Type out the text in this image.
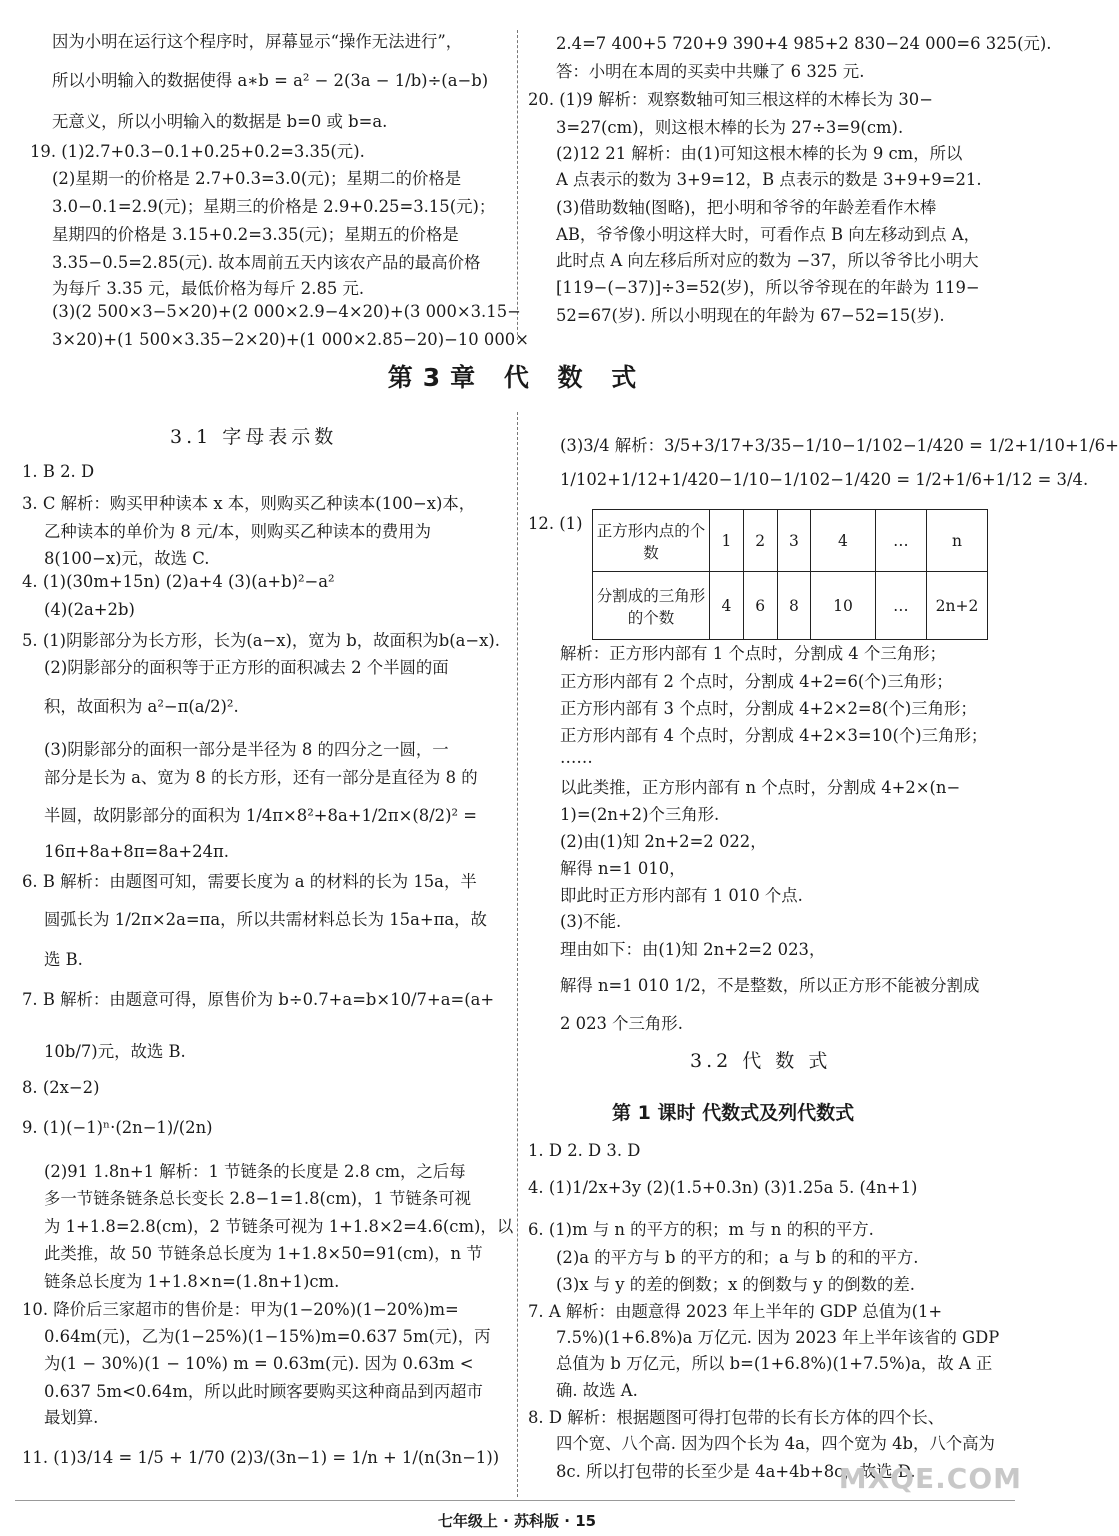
因为小明在运行这个程序时，屏幕显示“操作无法进行”，
所以小明输入的数据使得 a∗b = a² − 2(3a − 1/b)÷(a−b)
无意义，所以小明输入的数据是 b=0 或 b=a.
19. (1)2.7+0.3−0.1+0.25+0.2=3.35(元).
(2)星期一的价格是 2.7+0.3=3.0(元)；星期二的价格是
3.0−0.1=2.9(元)；星期三的价格是 2.9+0.25=3.15(元)；
星期四的价格是 3.15+0.2=3.35(元)；星期五的价格是
3.35−0.5=2.85(元). 故本周前五天内该农产品的最高价格
为每斤 3.35 元，最低价格为每斤 2.85 元.
(3)(2 500×3−5×20)+(2 000×2.9−4×20)+(3 000×3.15−
3×20)+(1 500×3.35−2×20)+(1 000×2.85−20)−10 000×
2.4=7 400+5 720+9 390+4 985+2 830−24 000=6 325(元).
答：小明在本周的买卖中共赚了 6 325 元.
20. (1)9 解析：观察数轴可知三根这样的木棒长为 30−
3=27(cm)，则这根木棒的长为 27÷3=9(cm).
(2)12 21 解析：由(1)可知这根木棒的长为 9 cm，所以
A 点表示的数为 3+9=12，B 点表示的数是 3+9+9=21.
(3)借助数轴(图略)，把小明和爷爷的年龄差看作木棒
AB，爷爷像小明这样大时，可看作点 B 向左移动到点 A，
此时点 A 向左移后所对应的数为 −37，所以爷爷比小明大
[119−(−37)]÷3=52(岁)，所以爷爷现在的年龄为 119−
52=67(岁). 所以小明现在的年龄为 67−52=15(岁).
第3章 代 数 式
3.1 字母表示数
1. B 2. D
3. C 解析：购买甲种读本 x 本，则购买乙种读本(100−x)本，
乙种读本的单价为 8 元/本，则购买乙种读本的费用为
8(100−x)元，故选 C.
4. (1)(30m+15n) (2)a+4 (3)(a+b)²−a²
(4)(2a+2b)
5. (1)阴影部分为长方形，长为(a−x)，宽为 b，故面积为b(a−x).
(2)阴影部分的面积等于正方形的面积减去 2 个半圆的面
积，故面积为 a²−π(a/2)².
(3)阴影部分的面积一部分是半径为 8 的四分之一圆，一
部分是长为 a、宽为 8 的长方形，还有一部分是直径为 8 的
半圆，故阴影部分的面积为 1/4π×8²+8a+1/2π×(8/2)² =
16π+8a+8π=8a+24π.
6. B 解析：由题图可知，需要长度为 a 的材料的长为 15a，半
圆弧长为 1/2π×2a=πa，所以共需材料总长为 15a+πa，故
选 B.
7. B 解析：由题意可得，原售价为 b÷0.7+a=b×10/7+a=(a+
10b/7)元，故选 B.
8. (2x−2)
9. (1)(−1)ⁿ·(2n−1)/(2n)
(2)91 1.8n+1 解析：1 节链条的长度是 2.8 cm，之后每
多一节链条链条总长变长 2.8−1=1.8(cm)，1 节链条可视
为 1+1.8=2.8(cm)，2 节链条可视为 1+1.8×2=4.6(cm)，以
此类推，故 50 节链条总长度为 1+1.8×50=91(cm)，n 节
链条总长度为 1+1.8×n=(1.8n+1)cm.
10. 降价后三家超市的售价是：甲为(1−20%)(1−20%)m=
0.64m(元)，乙为(1−25%)(1−15%)m=0.637 5m(元)，丙
为(1 − 30%)(1 − 10%) m = 0.63m(元). 因为 0.63m <
0.637 5m<0.64m，所以此时顾客要购买这种商品到丙超市
最划算.
11. (1)3/14 = 1/5 + 1/70 (2)3/(3n−1) = 1/n + 1/(n(3n−1))
(3)3/4 解析：3/5+3/17+3/35−1/10−1/102−1/420 = 1/2+1/10+1/6+
1/102+1/12+1/420−1/10−1/102−1/420 = 1/2+1/6+1/12 = 3/4.
12. (1) 正方形内点的个数	1	2	3	4	…	n
分割成的三角形的个数	4	6	8	10	…	2n+2
解析：正方形内部有 1 个点时，分割成 4 个三角形；
正方形内部有 2 个点时，分割成 4+2=6(个)三角形；
正方形内部有 3 个点时，分割成 4+2×2=8(个)三角形；
正方形内部有 4 个点时，分割成 4+2×3=10(个)三角形；
……
以此类推，正方形内部有 n 个点时，分割成 4+2×(n−
1)=(2n+2)个三角形.
(2)由(1)知 2n+2=2 022，
解得 n=1 010，
即此时正方形内部有 1 010 个点.
(3)不能.
理由如下：由(1)知 2n+2=2 023，
解得 n=1 010 1/2，不是整数，所以正方形不能被分割成
2 023 个三角形.
3.2 代 数 式
第 1 课时 代数式及列代数式
1. D 2. D 3. D
4. (1)1/2x+3y (2)(1.5+0.3n) (3)1.25a 5. (4n+1)
6. (1)m 与 n 的平方的积；m 与 n 的积的平方.
(2)a 的平方与 b 的平方的和；a 与 b 的和的平方.
(3)x 与 y 的差的倒数；x 的倒数与 y 的倒数的差.
7. A 解析：由题意得 2023 年上半年的 GDP 总值为(1+
7.5%)(1+6.8%)a 万亿元. 因为 2023 年上半年该省的 GDP
总值为 b 万亿元，所以 b=(1+6.8%)(1+7.5%)a，故 A 正
确. 故选 A.
8. D 解析：根据题图可得打包带的长有长方体的四个长、
四个宽、八个高. 因为四个长为 4a，四个宽为 4b，八个高为
8c. 所以打包带的长至少是 4a+4b+8c，故选 D.
七年级上 · 苏科版 · 15
MXQE.COM
